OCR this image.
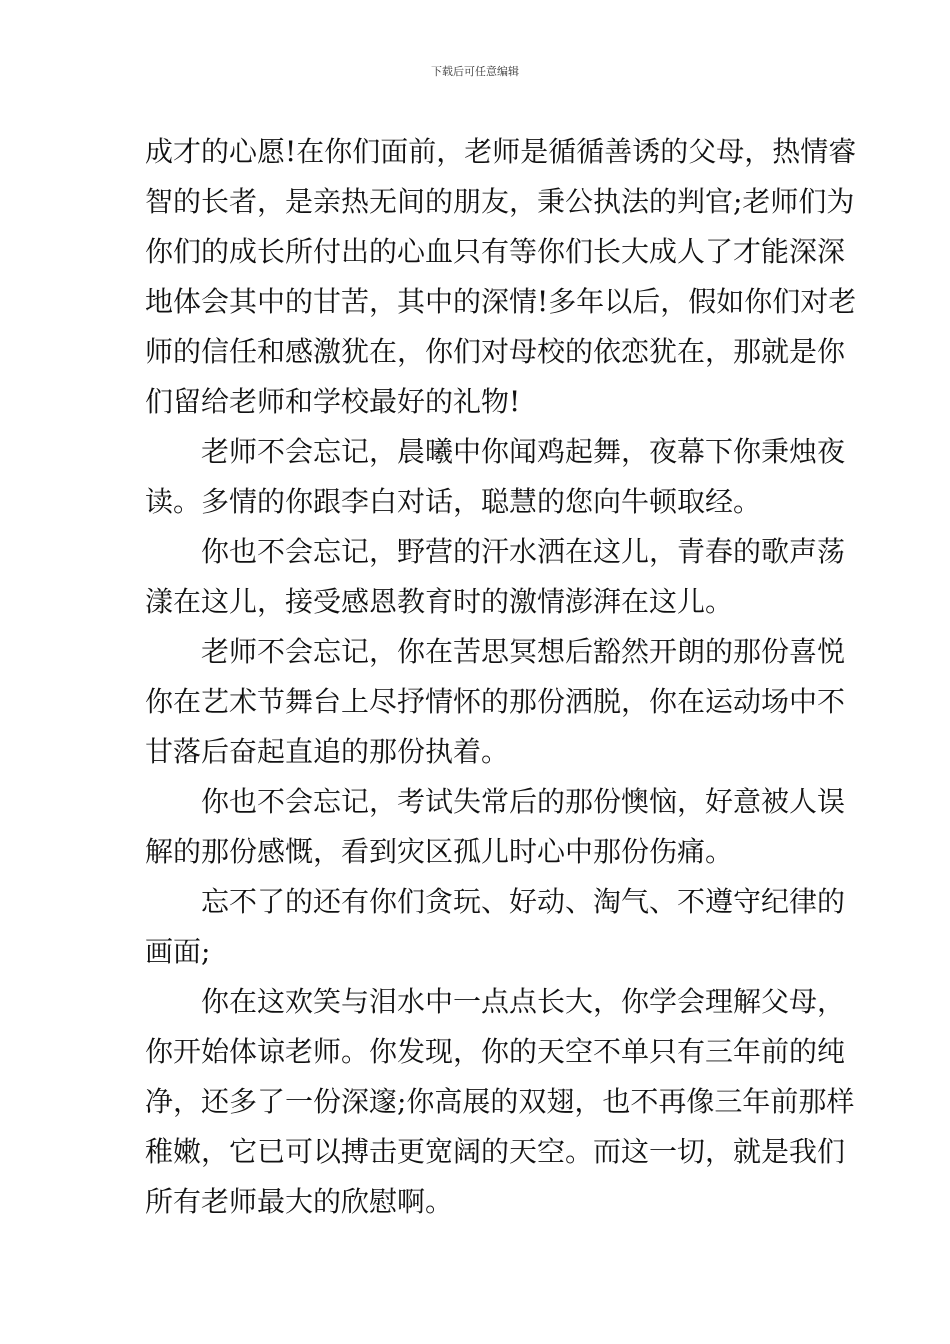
下载后可任意编辑
成才的心愿!在你们面前，老师是循循善诱的父母，热情睿
智的长者，是亲热无间的朋友，秉公执法的判官;老师们为
你们的成长所付出的心血只有等你们长大成人了才能深深
地体会其中的甘苦，其中的深情!多年以后，假如你们对老
师的信任和感激犹在，你们对母校的依恋犹在，那就是你
们留给老师和学校最好的礼物!
老师不会忘记，晨曦中你闻鸡起舞，夜幕下你秉烛夜
读。多情的你跟李白对话，聪慧的您向牛顿取经。
你也不会忘记，野营的汗水洒在这儿，青春的歌声荡
漾在这儿，接受感恩教育时的激情澎湃在这儿。
老师不会忘记，你在苦思冥想后豁然开朗的那份喜悦
你在艺术节舞台上尽抒情怀的那份洒脱，你在运动场中不
甘落后奋起直追的那份执着。
你也不会忘记，考试失常后的那份懊恼，好意被人误
解的那份感慨，看到灾区孤儿时心中那份伤痛。
忘不了的还有你们贪玩、好动、淘气、不遵守纪律的
画面;
你在这欢笑与泪水中一点点长大，你学会理解父母，
你开始体谅老师。你发现，你的天空不单只有三年前的纯
净，还多了一份深邃;你高展的双翅，也不再像三年前那样
稚嫩，它已可以搏击更宽阔的天空。而这一切，就是我们
所有老师最大的欣慰啊。
